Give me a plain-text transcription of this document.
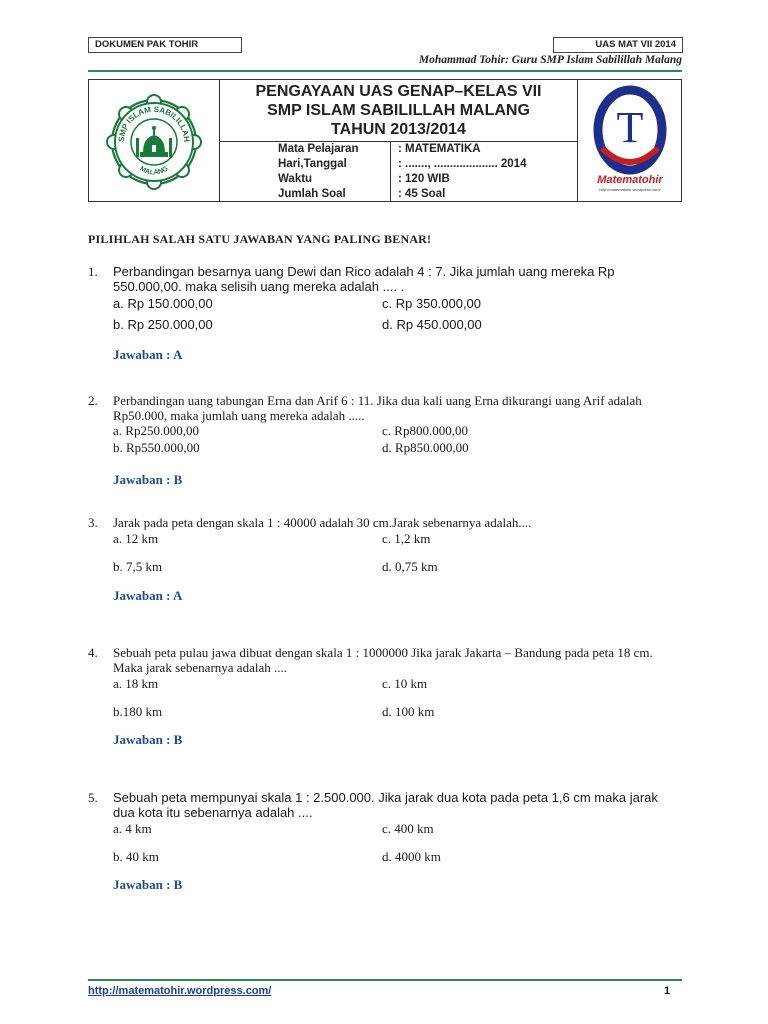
DOKUMEN PAK TOHIR	UAS MAT VII 2014
Mohammad Tohir: Guru SMP Islam Sabilillah Malang
SMP ISLAM SABILILLAH
MALANG
PENGAYAAN UAS GENAP–KELAS VII
SMP ISLAM SABILILLAH MALANG
TAHUN 2013/2014
Mata Pelajaran	: MATEMATIKA
Hari,Tanggal	: ......., .................... 2014
Waktu	: 120 WIB
Jumlah Soal	: 45 Soal
T
Matematohir
http://matematohir.wordpress.com/
PILIHLAH SALAH SATU JAWABAN YANG PALING BENAR!
1. Perbandingan besarnya uang Dewi dan Rico adalah 4 : 7. Jika jumlah uang mereka Rp 550.000,00. maka selisih uang mereka adalah .... .
a. Rp 150.000,00	c. Rp 350.000,00
b. Rp 250.000,00	d. Rp 450.000,00
Jawaban : A
2. Perbandingan uang tabungan Erna dan Arif 6 : 11. Jika dua kali uang Erna dikurangi uang Arif adalah Rp50.000, maka jumlah uang mereka adalah .....
a. Rp250.000,00	c. Rp800.000,00
b. Rp550.000,00	d. Rp850.000,00
Jawaban : B
3. Jarak pada peta dengan skala 1 : 40000 adalah 30 cm.Jarak sebenarnya adalah....
a. 12 km	c. 1,2 km
b. 7,5 km	d. 0,75 km
Jawaban : A
4. Sebuah peta pulau jawa dibuat dengan skala 1 : 1000000 Jika jarak Jakarta – Bandung pada peta 18 cm. Maka jarak sebenarnya adalah ....
a. 18 km	c. 10 km
b.180 km	d. 100 km
Jawaban : B
5. Sebuah peta mempunyai skala 1 : 2.500.000. Jika jarak dua kota pada peta 1,6 cm maka jarak dua kota itu sebenarnya adalah ....
a. 4 km	c. 400 km
b. 40 km	d. 4000 km
Jawaban : B
http://matematohir.wordpress.com/	1
